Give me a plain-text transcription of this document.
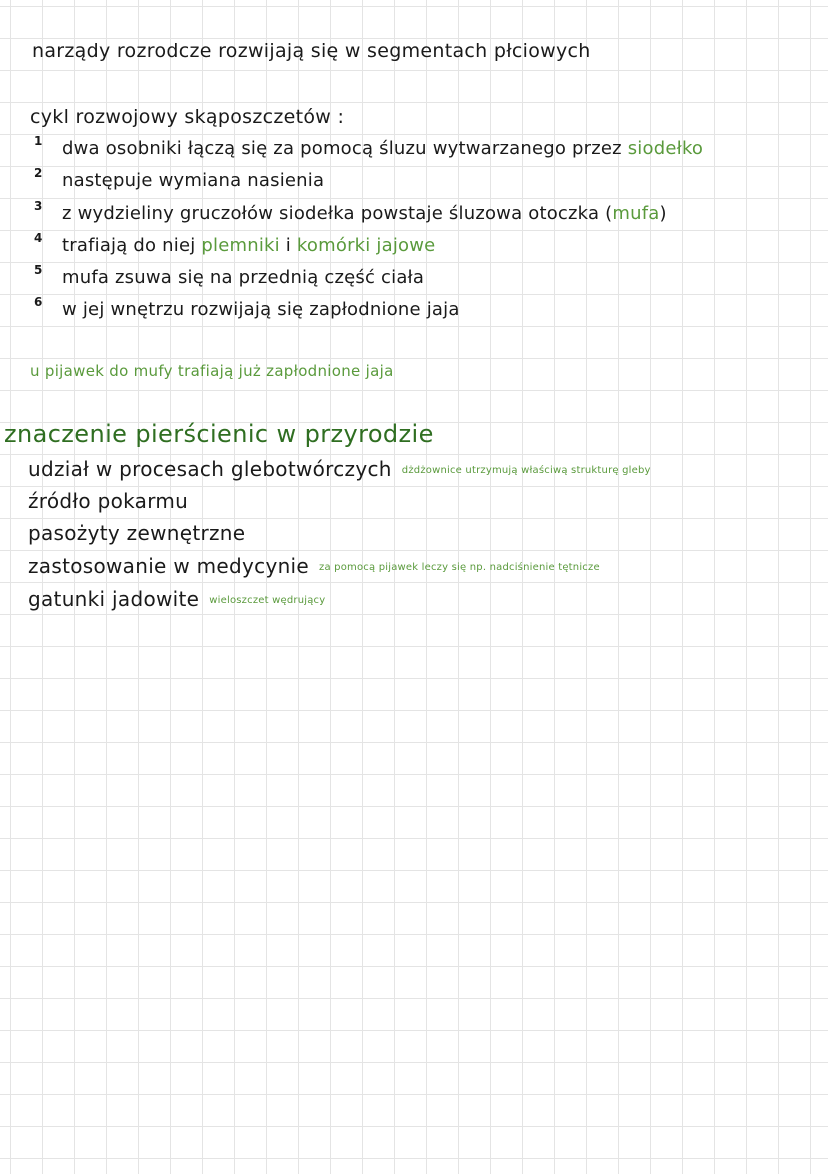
narządy rozrodcze rozwijają się w segmentach płciowych
cykl rozwojowy skąposzczetów :
1 dwa osobniki łączą się za pomocą śluzu wytwarzanego przez siodełko
2 następuje wymiana nasienia
3 z wydzieliny gruczołów siodełka powstaje śluzowa otoczka (mufa)
4 trafiają do niej plemniki i komórki jajowe
5 mufa zsuwa się na przednią część ciała
6 w jej wnętrzu rozwijają się zapłodnione jaja
u pijawek do mufy trafiają już zapłodnione jaja
znaczenie pierścienic w przyrodzie
udział w procesach glebotwórczych dżdżownice utrzymują właściwą strukturę gleby
źródło pokarmu
pasożyty zewnętrzne
zastosowanie w medycynie za pomocą pijawek leczy się np. nadciśnienie tętnicze
gatunki jadowite wieloszczet wędrujący
